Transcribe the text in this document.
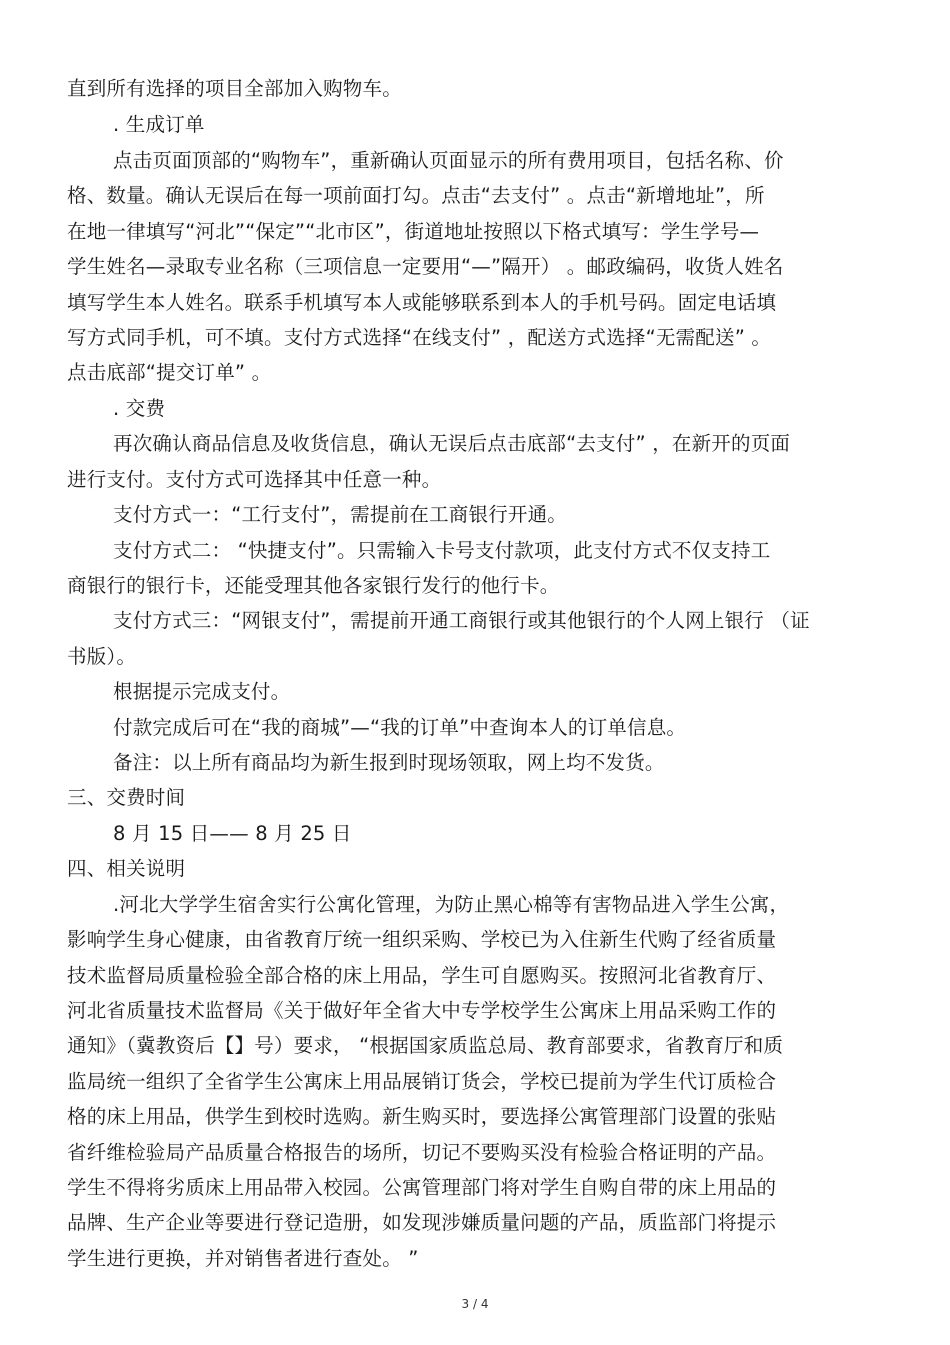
直到所有选择的项目全部加入购物车。
. 生成订单
点击页面顶部的“购物车”，重新确认页面显示的所有费用项目，包括名称、价
格、数量。确认无误后在每一项前面打勾。点击“去支付” 。点击“新增地址”，所
在地一律填写“河北”“保定”“北市区”，街道地址按照以下格式填写：学生学号—
学生姓名—录取专业名称（三项信息一定要用“—”隔开） 。邮政编码，收货人姓名
填写学生本人姓名。联系手机填写本人或能够联系到本人的手机号码。固定电话填
写方式同手机，可不填。支付方式选择“在线支付” ，配送方式选择“无需配送” 。
点击底部“提交订单” 。
. 交费
再次确认商品信息及收货信息，确认无误后点击底部“去支付” ，在新开的页面
进行支付。支付方式可选择其中任意一种。
支付方式一：“工行支付”，需提前在工商银行开通。
支付方式二： “快捷支付”。只需输入卡号支付款项，此支付方式不仅支持工
商银行的银行卡，还能受理其他各家银行发行的他行卡。
支付方式三：“网银支付”，需提前开通工商银行或其他银行的个人网上银行 （证
书版）。
根据提示完成支付。
付款完成后可在“我的商城”—“我的订单”中查询本人的订单信息。
备注：以上所有商品均为新生报到时现场领取，网上均不发货。
三、交费时间
8 月 15 日—— 8 月 25 日
四、相关说明
.河北大学学生宿舍实行公寓化管理，为防止黑心棉等有害物品进入学生公寓，
影响学生身心健康，由省教育厅统一组织采购、学校已为入住新生代购了经省质量
技术监督局质量检验全部合格的床上用品，学生可自愿购买。按照河北省教育厅、
河北省质量技术监督局《关于做好年全省大中专学校学生公寓床上用品采购工作的
通知》（冀教资后【】号）要求， “根据国家质监总局、教育部要求，省教育厅和质
监局统一组织了全省学生公寓床上用品展销订货会，学校已提前为学生代订质检合
格的床上用品，供学生到校时选购。新生购买时，要选择公寓管理部门设置的张贴
省纤维检验局产品质量合格报告的场所，切记不要购买没有检验合格证明的产品。
学生不得将劣质床上用品带入校园。公寓管理部门将对学生自购自带的床上用品的
品牌、生产企业等要进行登记造册，如发现涉嫌质量问题的产品，质监部门将提示
学生进行更换，并对销售者进行查处。 ”
3 / 4
